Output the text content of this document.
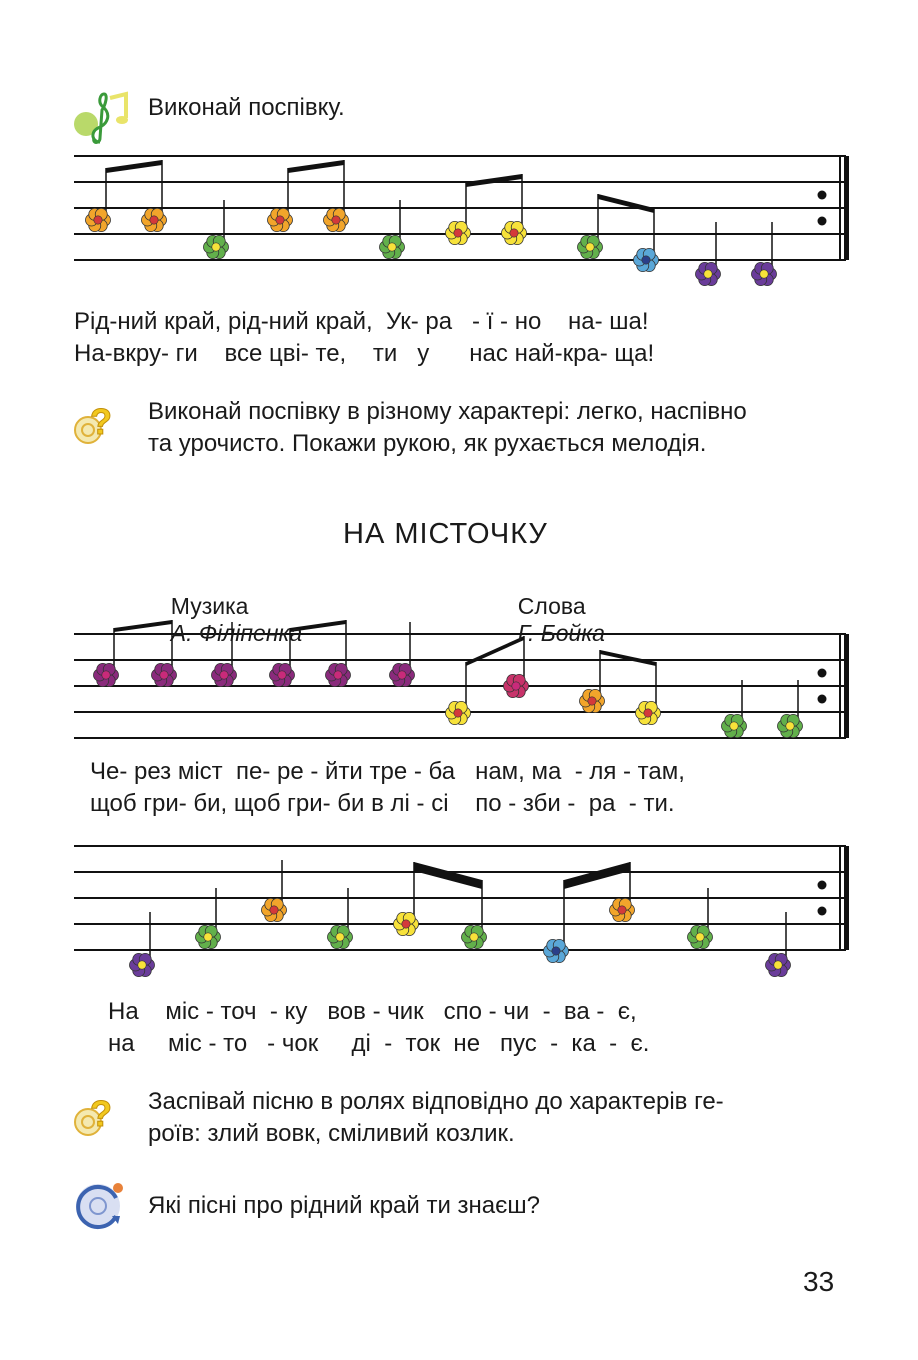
Виконай поспівку.
Рід-ний край, рід-ний край,  Ук- ра   - ї - но    на- ша!
На-вкру- ги    все цві- те,    ти   у      нас най-кра- ща!
? Виконай поспівку в різному характері: легко, наспівно
та урочисто. Покажи рукою, як рухається мелодія.
НА МІСТОЧКУ

Музика
А. Філіпенка

Слова
Г. Бойка

Че- рез міст  пе- ре - йти тре - ба   нам, ма  - ля - там,
щоб гри- би, щоб гри- би в лі - сі    по - зби -  ра  - ти.
На    міс - точ  - ку   вов - чик   спо - чи  -  ва -  є,
на     міс - то   - чок     ді  -  ток  не   пус  -  ка  -  є.
? Заспівай пісню в ролях відповідно до характерів ге-
роїв: злий вовк, сміливий козлик.
Які пісні про рідний край ти знаєш?
33
